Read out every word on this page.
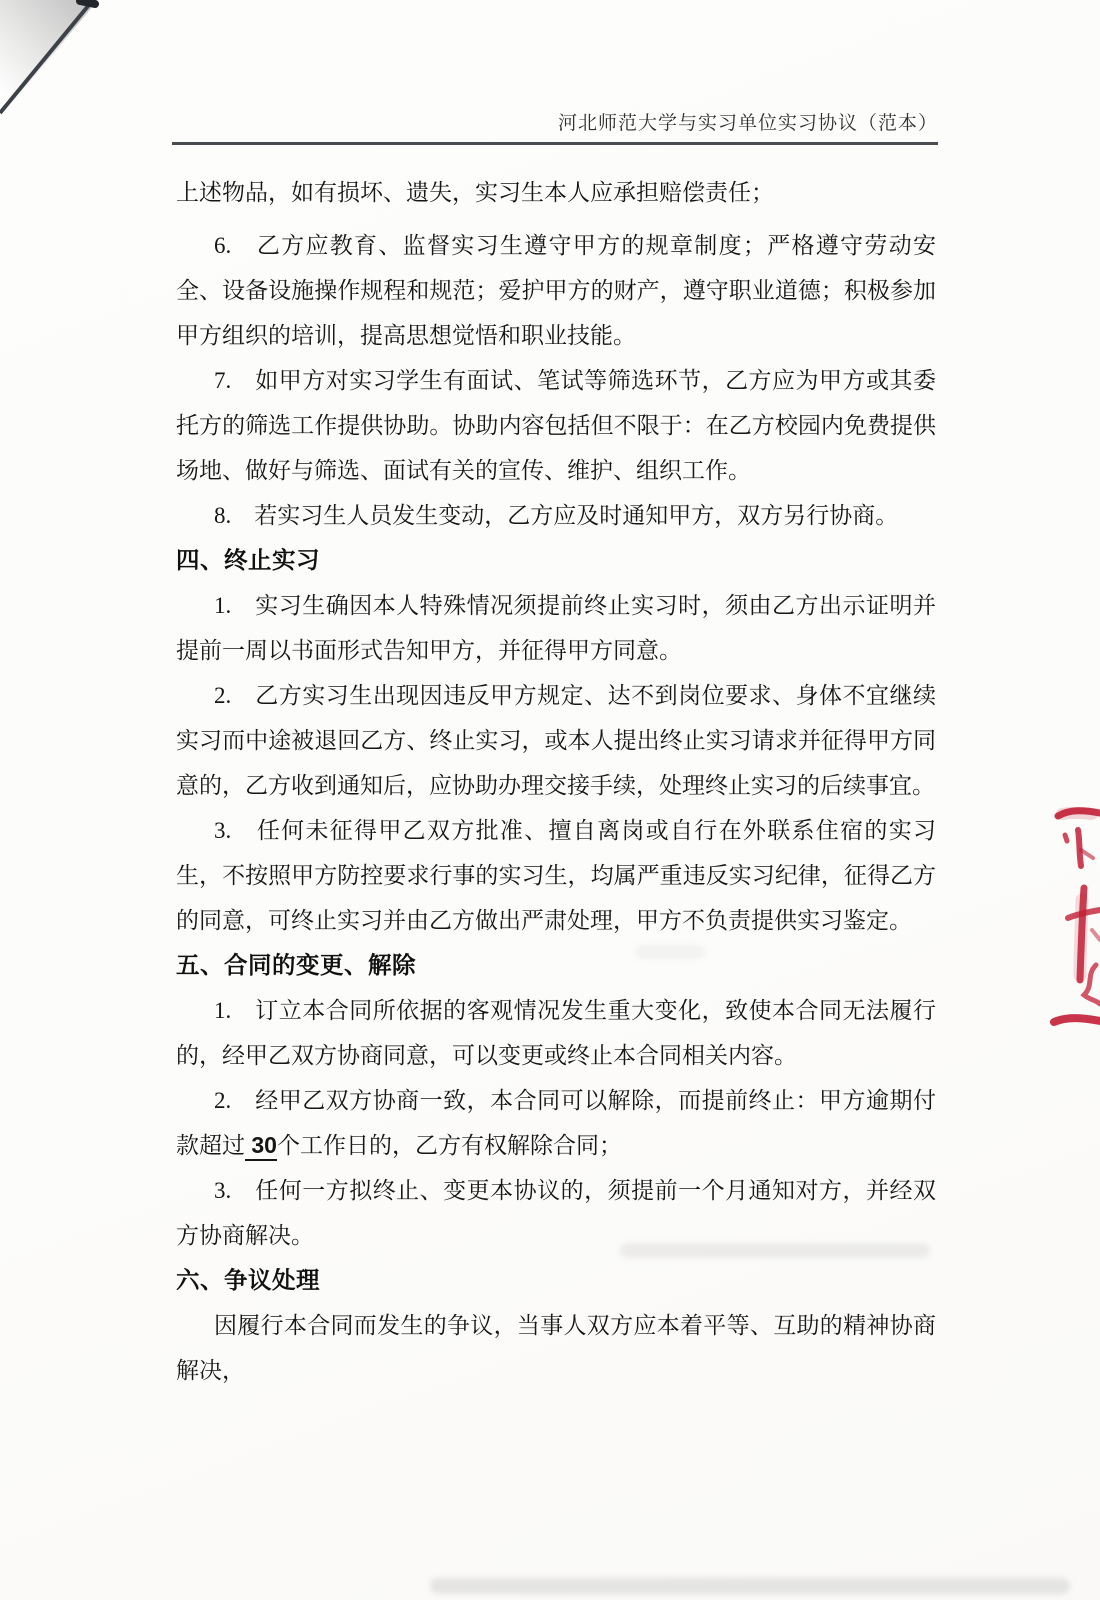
河北师范大学与实习单位实习协议（范本）

上述物品，如有损坏、遗失，实习生本人应承担赔偿责任；

6.　乙方应教育、监督实习生遵守甲方的规章制度；严格遵守劳动安全、设备设施操作规程和规范；爱护甲方的财产，遵守职业道德；积极参加甲方组织的培训，提高思想觉悟和职业技能。

7.　如甲方对实习学生有面试、笔试等筛选环节，乙方应为甲方或其委托方的筛选工作提供协助。协助内容包括但不限于：在乙方校园内免费提供场地、做好与筛选、面试有关的宣传、维护、组织工作。

8.　若实习生人员发生变动，乙方应及时通知甲方，双方另行协商。

四、终止实习

1.　实习生确因本人特殊情况须提前终止实习时，须由乙方出示证明并提前一周以书面形式告知甲方，并征得甲方同意。

2.　乙方实习生出现因违反甲方规定、达不到岗位要求、身体不宜继续实习而中途被退回乙方、终止实习，或本人提出终止实习请求并征得甲方同意的，乙方收到通知后，应协助办理交接手续，处理终止实习的后续事宜。

3.　任何未征得甲乙双方批准、擅自离岗或自行在外联系住宿的实习生，不按照甲方防控要求行事的实习生，均属严重违反实习纪律，征得乙方的同意，可终止实习并由乙方做出严肃处理，甲方不负责提供实习鉴定。

五、合同的变更、解除

1.　订立本合同所依据的客观情况发生重大变化，致使本合同无法履行的，经甲乙双方协商同意，可以变更或终止本合同相关内容。

2.　经甲乙双方协商一致，本合同可以解除，而提前终止：甲方逾期付款超过 30个工作日的，乙方有权解除合同；

3.　任何一方拟终止、变更本协议的，须提前一个月通知对方，并经双方协商解决。

六、争议处理

因履行本合同而发生的争议，当事人双方应本着平等、互助的精神协商解决，
